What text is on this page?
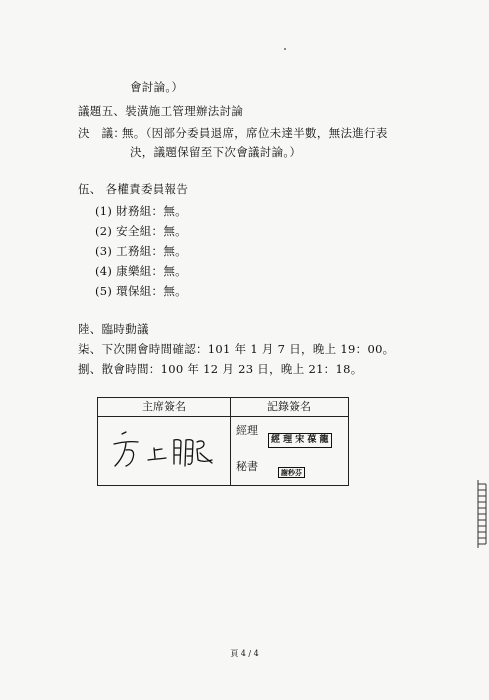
會討論。）
議題五、裝潢施工管理辦法討論
決　議：
無。（因部分委員退席，席位未達半數，無法進行表
決，議題保留至下次會議討論。）
伍、 各權責委員報告
(1) 財務組：無。
(2) 安全組：無。
(3) 工務組：無。
(4) 康樂組：無。
(5) 環保組：無。
陸、臨時動議
柒、下次開會時間確認：101 年 1 月 7 日，晚上 19：00。
捌、散會時間：100 年 12 月 23 日，晚上 21：18。
主席簽名	記錄簽名
經理
經 理 宋 葆 龍
秘書	謝秒芬
頁 4 / 4
